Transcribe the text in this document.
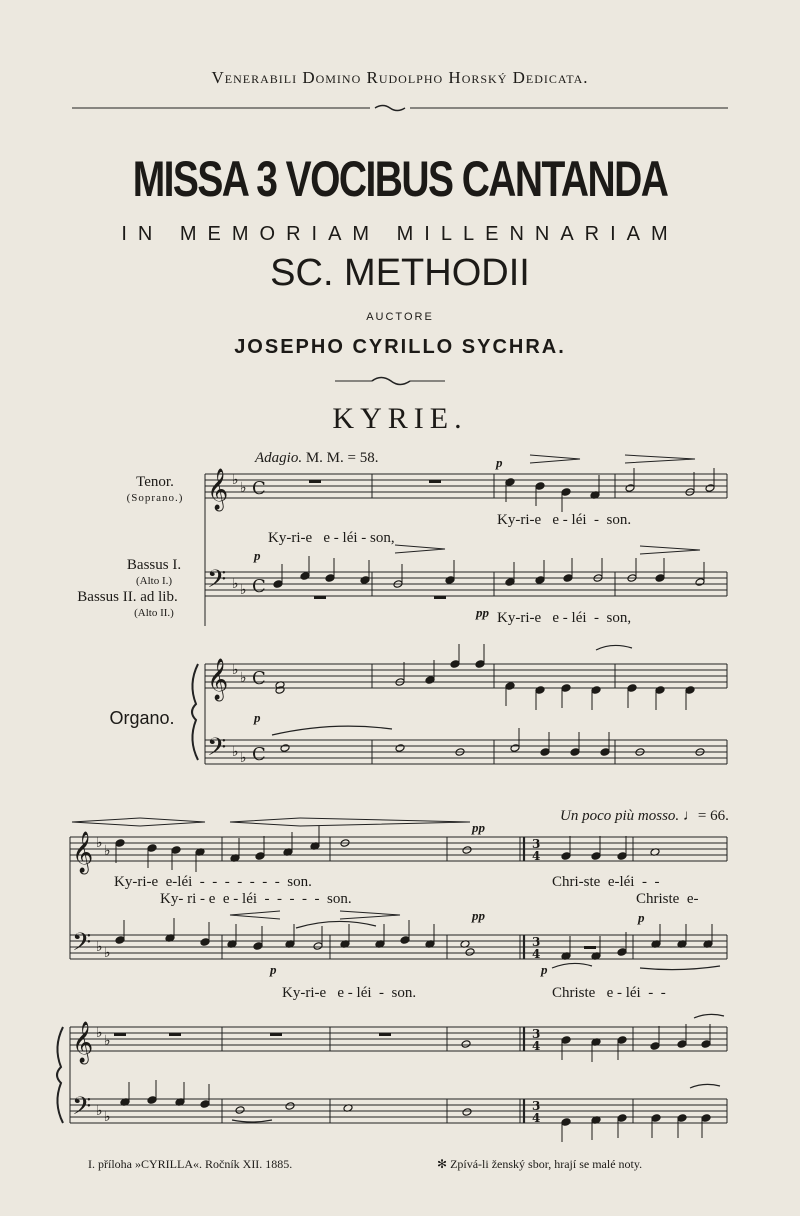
Venerabili Domino Rudolpho Horský Dedicata.
MISSA 3 VOCIBUS CANTANDA
IN MEMORIAM MILLENNARIAM
SC. METHODII
AUCTORE
JOSEPHO CYRILLO SYCHRA.
KYRIE.
Adagio. M. M. = 58.
Tenor.
(Soprano.)
Bassus I.
(Alto I.)
Bassus II. ad lib.
(Alto II.)
Organo.
Ky-ri-e   e - léi - son,
Ky-ri-e   e - léi  -  son.
Ky-ri-e   e - léi  -  son,
p
p
pp
p
Un poco più mosso. ♩= 66.
Ky-ri-e  e-léi  -  -  -  -  -  -  -  son.	Chri-ste  e-léi  -  -
Ky- ri - e  e - léi  -  -  -  -  -  son.	Christe  e-
Ky-ri-e   e - léi  -  son.	Christe   e - léi  -  -
pp
pp
p	p
p
I. příloha »CYRILLA«. Ročník XII. 1885.	✻ Zpívá-li ženský sbor, hrají se malé noty.
𝄞
𝄢
𝄞
𝄢
♭ ♭ C
♭ ♭ C
♭ ♭ C
♭ ♭ C
𝄞
𝄢
𝄞
𝄢
♭ ♭
♭ ♭
♭ ♭
♭ ♭
3
4
3
4
3
4
3
4
